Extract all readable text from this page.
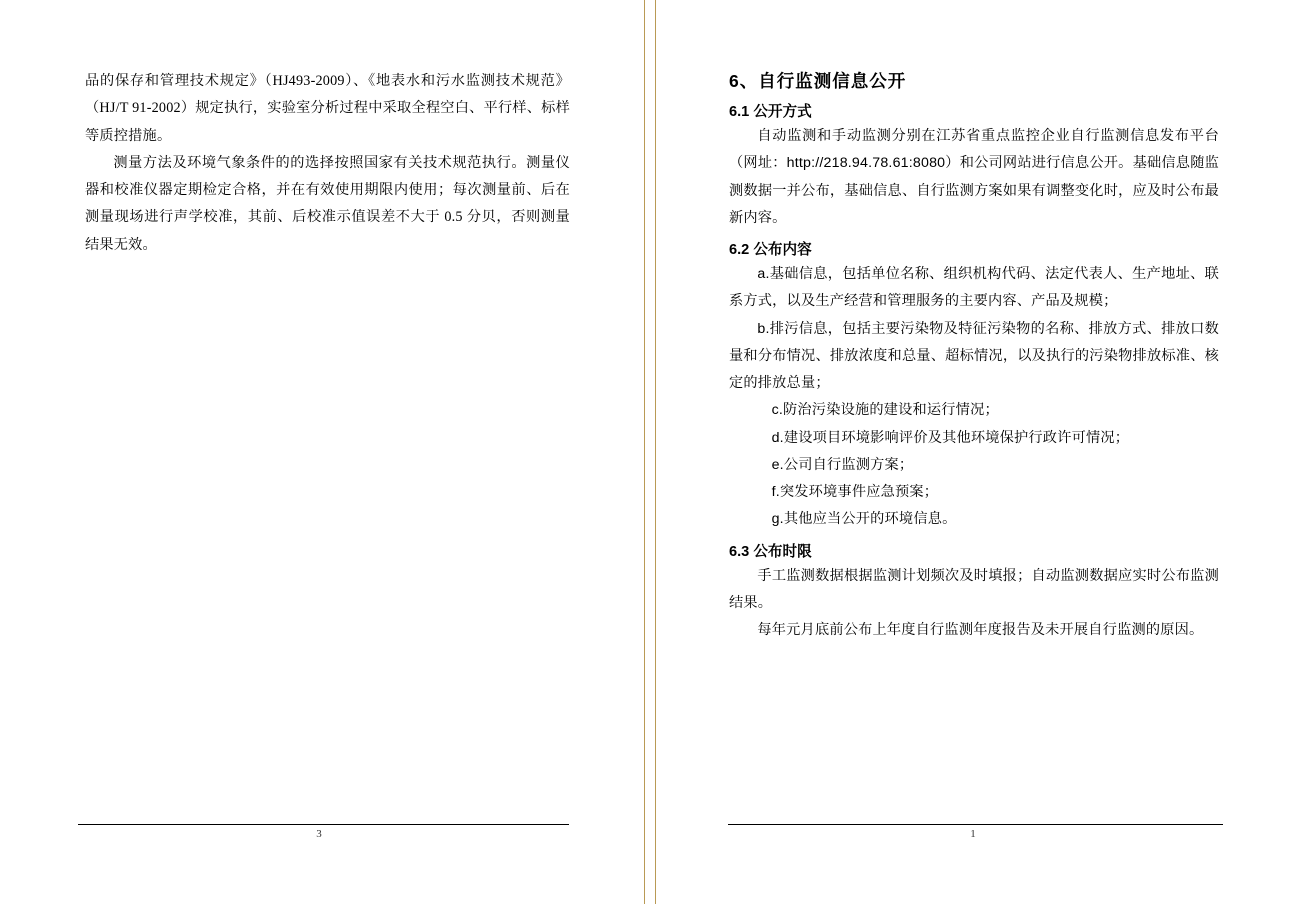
品的保存和管理技术规定》（HJ493-2009）、《地表水和污水监测技术规范》（HJ/T 91-2002）规定执行，实验室分析过程中采取全程空白、平行样、标样等质控措施。

测量方法及环境气象条件的的选择按照国家有关技术规范执行。测量仪器和校准仪器定期检定合格，并在有效使用期限内使用；每次测量前、后在测量现场进行声学校准，其前、后校准示值误差不大于 0.5 分贝，否则测量结果无效。

3
6、自行监测信息公开
6.1 公开方式

自动监测和手动监测分别在江苏省重点监控企业自行监测信息发布平台（网址：http://218.94.78.61:8080）和公司网站进行信息公开。基础信息随监测数据一并公布，基础信息、自行监测方案如果有调整变化时，应及时公布最新内容。

6.2 公布内容

a.基础信息，包括单位名称、组织机构代码、法定代表人、生产地址、联系方式，以及生产经营和管理服务的主要内容、产品及规模；

b.排污信息，包括主要污染物及特征污染物的名称、排放方式、排放口数量和分布情况、排放浓度和总量、超标情况，以及执行的污染物排放标准、核定的排放总量；

c.防治污染设施的建设和运行情况；

d.建设项目环境影响评价及其他环境保护行政许可情况；

e.公司自行监测方案；

f.突发环境事件应急预案；

g.其他应当公开的环境信息。

6.3 公布时限

手工监测数据根据监测计划频次及时填报；自动监测数据应实时公布监测结果。

每年元月底前公布上年度自行监测年度报告及未开展自行监测的原因。

1
